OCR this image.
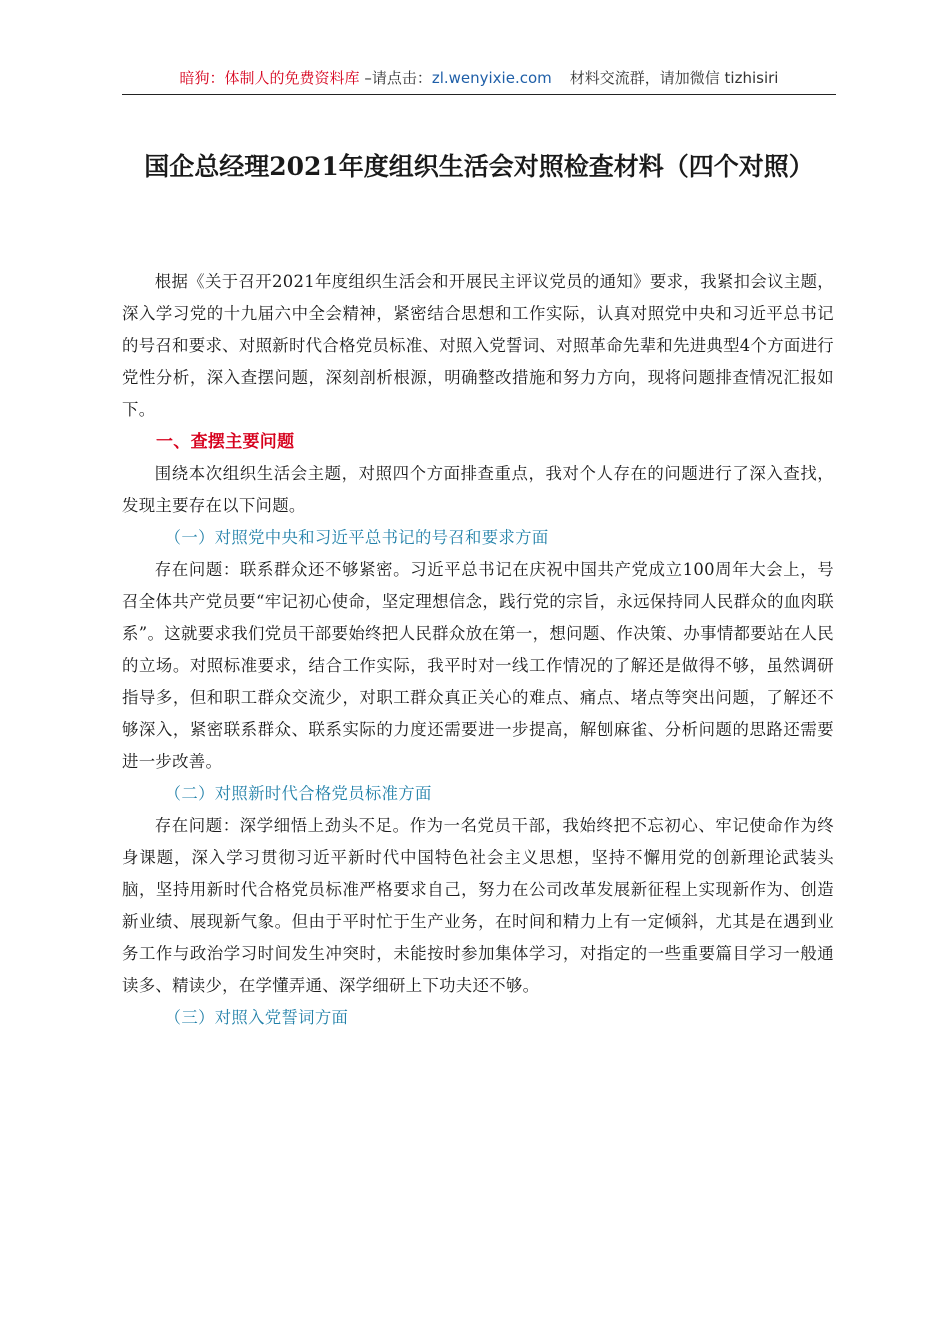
暗狗：体制人的免费资料库 –请点击：zl.wenyixie.com 材料交流群，请加微信 tizhisiri
国企总经理2021年度组织生活会对照检查材料（四个对照）

根据《关于召开2021年度组织生活会和开展民主评议党员的通知》要求，我紧扣会议主题，深入学习党的十九届六中全会精神，紧密结合思想和工作实际，认真对照党中央和习近平总书记的号召和要求、对照新时代合格党员标准、对照入党誓词、对照革命先辈和先进典型4个方面进行党性分析，深入查摆问题，深刻剖析根源，明确整改措施和努力方向，现将问题排查情况汇报如下。

一、查摆主要问题

围绕本次组织生活会主题，对照四个方面排查重点，我对个人存在的问题进行了深入查找，发现主要存在以下问题。

（一）对照党中央和习近平总书记的号召和要求方面

存在问题：联系群众还不够紧密。习近平总书记在庆祝中国共产党成立100周年大会上，号召全体共产党员要“牢记初心使命，坚定理想信念，践行党的宗旨，永远保持同人民群众的血肉联系”。这就要求我们党员干部要始终把人民群众放在第一，想问题、作决策、办事情都要站在人民的立场。对照标准要求，结合工作实际，我平时对一线工作情况的了解还是做得不够，虽然调研指导多，但和职工群众交流少，对职工群众真正关心的难点、痛点、堵点等突出问题，了解还不够深入，紧密联系群众、联系实际的力度还需要进一步提高，解刨麻雀、分析问题的思路还需要进一步改善。

（二）对照新时代合格党员标准方面

存在问题：深学细悟上劲头不足。作为一名党员干部，我始终把不忘初心、牢记使命作为终身课题，深入学习贯彻习近平新时代中国特色社会主义思想，坚持不懈用党的创新理论武装头脑，坚持用新时代合格党员标准严格要求自己，努力在公司改革发展新征程上实现新作为、创造新业绩、展现新气象。但由于平时忙于生产业务，在时间和精力上有一定倾斜，尤其是在遇到业务工作与政治学习时间发生冲突时，未能按时参加集体学习，对指定的一些重要篇目学习一般通读多、精读少，在学懂弄通、深学细研上下功夫还不够。

（三）对照入党誓词方面
